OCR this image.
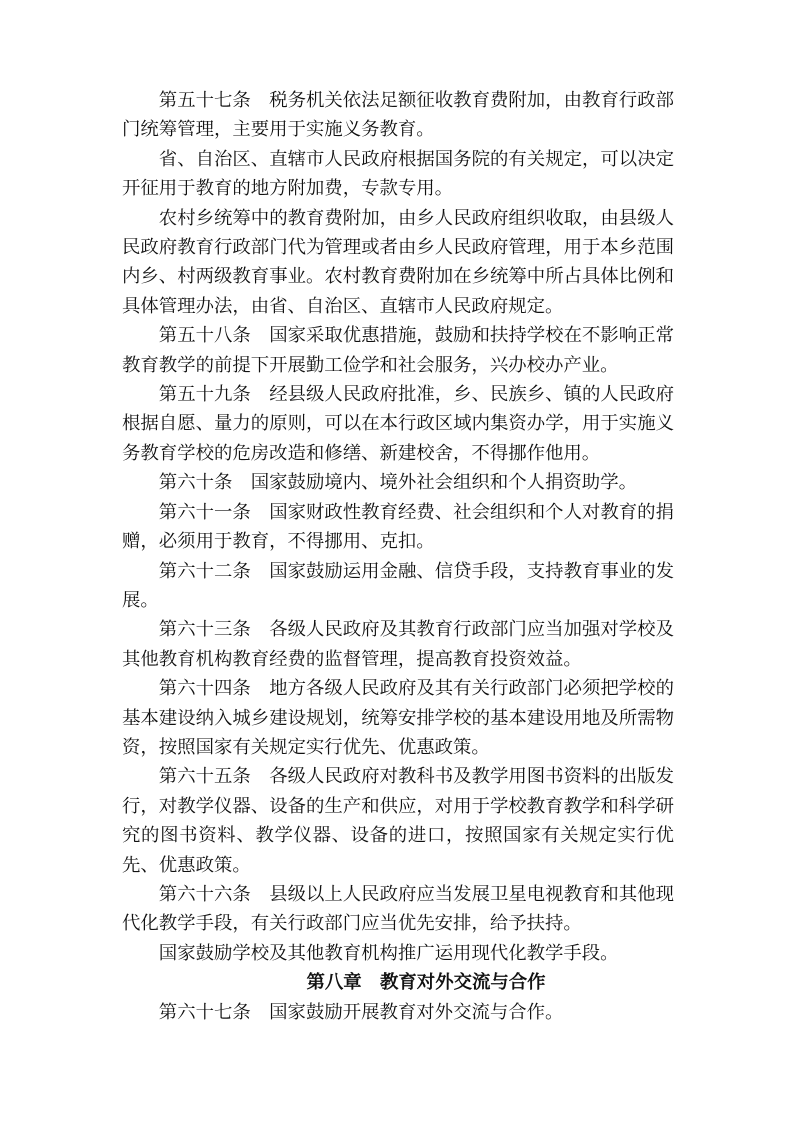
第五十七条 税务机关依法足额征收教育费附加，由教育行政部门统筹管理，主要用于实施义务教育。

省、自治区、直辖市人民政府根据国务院的有关规定，可以决定开征用于教育的地方附加费，专款专用。

农村乡统筹中的教育费附加，由乡人民政府组织收取，由县级人民政府教育行政部门代为管理或者由乡人民政府管理，用于本乡范围内乡、村两级教育事业。农村教育费附加在乡统筹中所占具体比例和具体管理办法，由省、自治区、直辖市人民政府规定。

第五十八条 国家采取优惠措施，鼓励和扶持学校在不影响正常教育教学的前提下开展勤工俭学和社会服务，兴办校办产业。

第五十九条 经县级人民政府批准，乡、民族乡、镇的人民政府根据自愿、量力的原则，可以在本行政区域内集资办学，用于实施义务教育学校的危房改造和修缮、新建校舍，不得挪作他用。

第六十条 国家鼓励境内、境外社会组织和个人捐资助学。

第六十一条 国家财政性教育经费、社会组织和个人对教育的捐赠，必须用于教育，不得挪用、克扣。

第六十二条 国家鼓励运用金融、信贷手段，支持教育事业的发展。

第六十三条 各级人民政府及其教育行政部门应当加强对学校及其他教育机构教育经费的监督管理，提高教育投资效益。

第六十四条 地方各级人民政府及其有关行政部门必须把学校的基本建设纳入城乡建设规划，统筹安排学校的基本建设用地及所需物资，按照国家有关规定实行优先、优惠政策。

第六十五条 各级人民政府对教科书及教学用图书资料的出版发行，对教学仪器、设备的生产和供应，对用于学校教育教学和科学研究的图书资料、教学仪器、设备的进口，按照国家有关规定实行优先、优惠政策。

第六十六条 县级以上人民政府应当发展卫星电视教育和其他现代化教学手段，有关行政部门应当优先安排，给予扶持。

国家鼓励学校及其他教育机构推广运用现代化教学手段。

第八章 教育对外交流与合作

第六十七条 国家鼓励开展教育对外交流与合作。
